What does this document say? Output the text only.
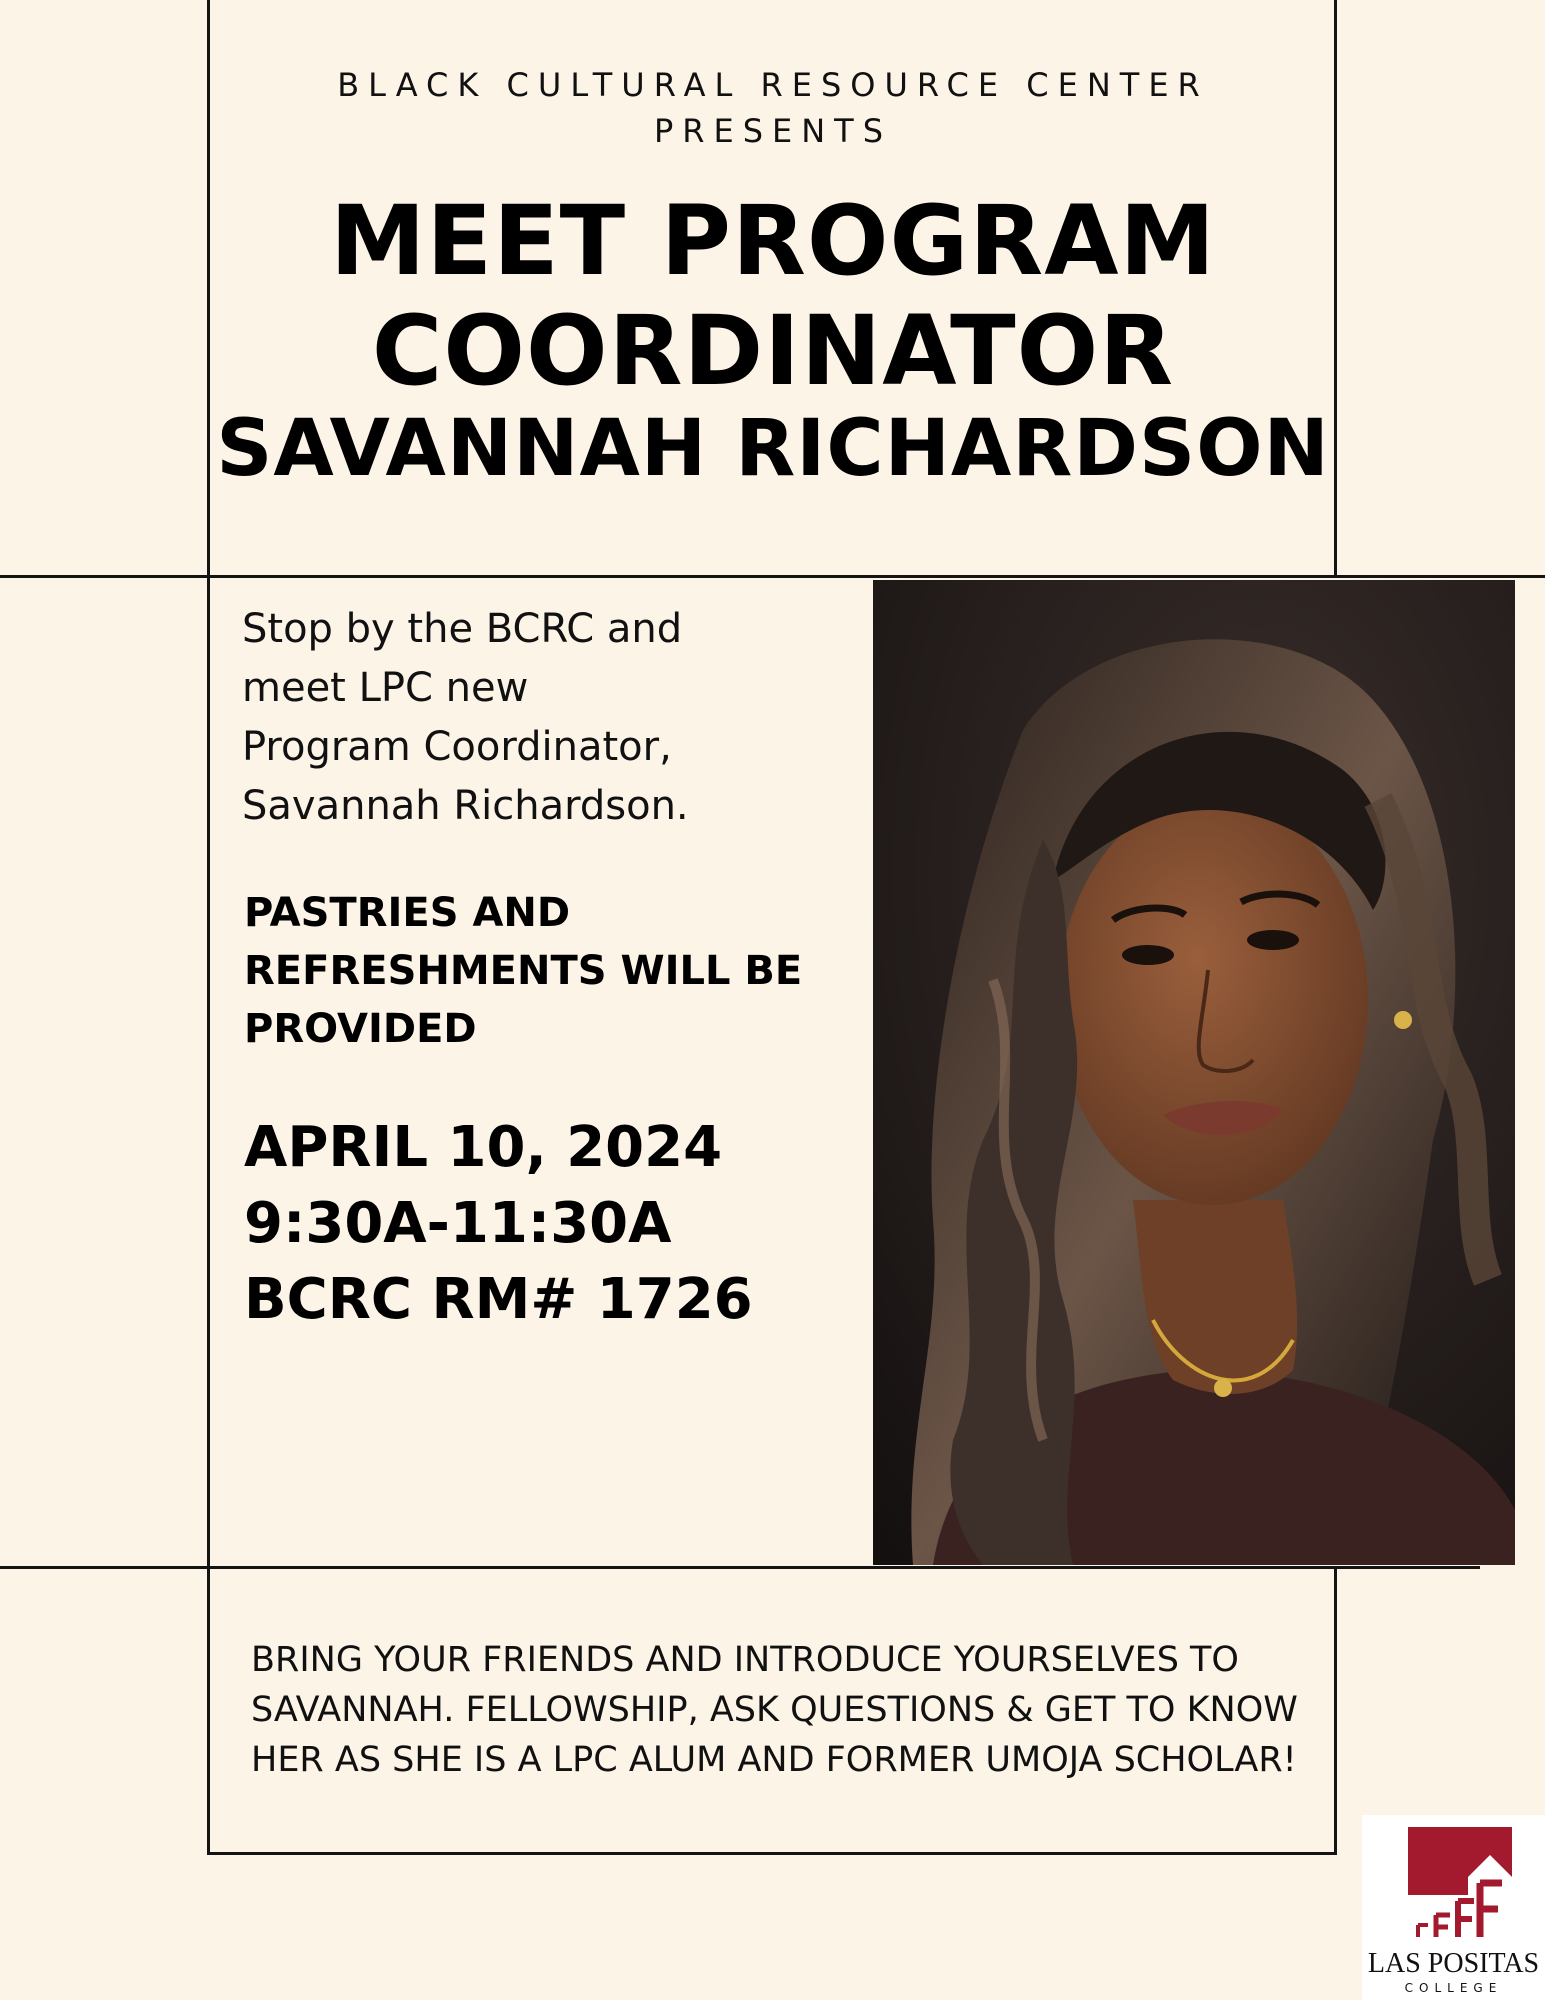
BLACK CULTURAL RESOURCE CENTER
PRESENTS
MEET PROGRAM
COORDINATOR
SAVANNAH RICHARDSON
Stop by the BCRC and
meet LPC new
Program Coordinator,
Savannah Richardson.
PASTRIES AND
REFRESHMENTS WILL BE
PROVIDED
APRIL 10, 2024
9:30A-11:30A
BCRC RM# 1726
BRING YOUR FRIENDS AND INTRODUCE YOURSELVES TO
SAVANNAH. FELLOWSHIP, ASK QUESTIONS & GET TO KNOW
HER AS SHE IS A LPC ALUM AND FORMER UMOJA SCHOLAR!
LAS POSITAS
COLLEGE
